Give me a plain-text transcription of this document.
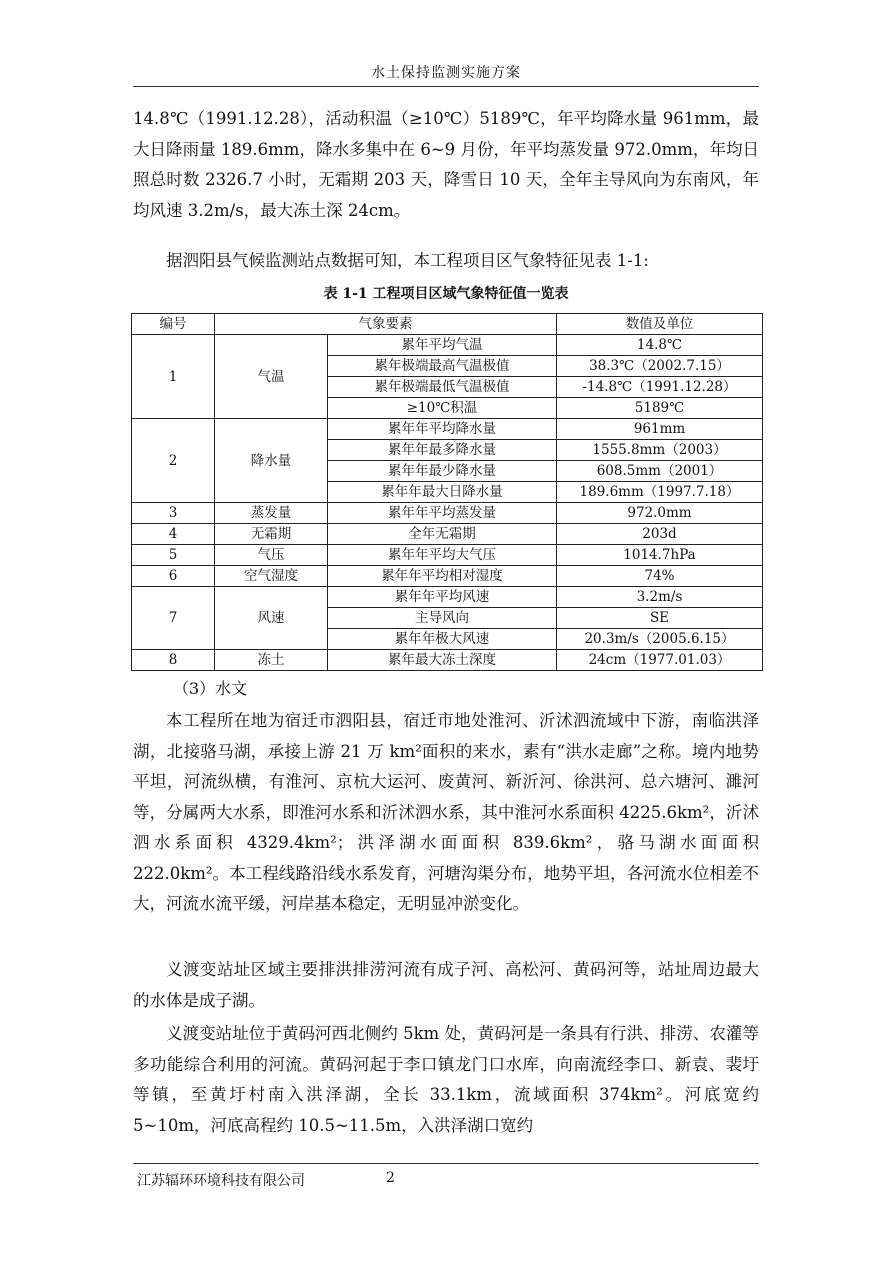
水土保持监测实施方案

14.8℃（1991.12.28），活动积温（≥10℃）5189℃，年平均降水量 961mm，最大日降雨量 189.6mm，降水多集中在 6~9 月份，年平均蒸发量 972.0mm，年均日照总时数 2326.7 小时，无霜期 203 天，降雪日 10 天，全年主导风向为东南风，年均风速 3.2m/s，最大冻土深 24cm。

据泗阳县气候监测站点数据可知，本工程项目区气象特征见表 1-1:

表 1-1 工程项目区域气象特征值一览表
编号	气象要素		数值及单位
1	气温	累年平均气温	14.8℃
		累年极端最高气温极值	38.3℃（2002.7.15）
		累年极端最低气温极值	-14.8℃（1991.12.28）
		≥10℃积温	5189℃
2	降水量	累年年平均降水量	961mm
		累年年最多降水量	1555.8mm（2003）
		累年年最少降水量	608.5mm（2001）
		累年年最大日降水量	189.6mm（1997.7.18）
3	蒸发量	累年年平均蒸发量	972.0mm
4	无霜期	全年无霜期	203d
5	气压	累年年平均大气压	1014.7hPa
6	空气湿度	累年年平均相对湿度	74%
7	风速	累年年平均风速	3.2m/s
		主导风向	SE
		累年年极大风速	20.3m/s（2005.6.15）
8	冻土	累年最大冻土深度	24cm（1977.01.03）
（3）水文

本工程所在地为宿迁市泗阳县，宿迁市地处淮河、沂沭泗流域中下游，南临洪泽湖，北接骆马湖，承接上游 21 万 km²面积的来水，素有“洪水走廊”之称。境内地势平坦，河流纵横，有淮河、京杭大运河、废黄河、新沂河、徐洪河、总六塘河、濉河等，分属两大水系，即淮河水系和沂沭泗水系，其中淮河水系面积 4225.6km²，沂沭泗水系面积 4329.4km²；洪泽湖水面面积 839.6km²，骆马湖水面面积 222.0km²。本工程线路沿线水系发育，河塘沟渠分布，地势平坦，各河流水位相差不大，河流水流平缓，河岸基本稳定，无明显冲淤变化。

义渡变站址区域主要排洪排涝河流有成子河、高松河、黄码河等，站址周边最大的水体是成子湖。

义渡变站址位于黄码河西北侧约 5km 处，黄码河是一条具有行洪、排涝、农灌等多功能综合利用的河流。黄码河起于李口镇龙门口水库，向南流经李口、新袁、裴圩等镇，至黄圩村南入洪泽湖，全长 33.1km，流域面积 374km²。河底宽约 5~10m，河底高程约 10.5~11.5m，入洪泽湖口宽约

江苏辐环环境科技有限公司	2
